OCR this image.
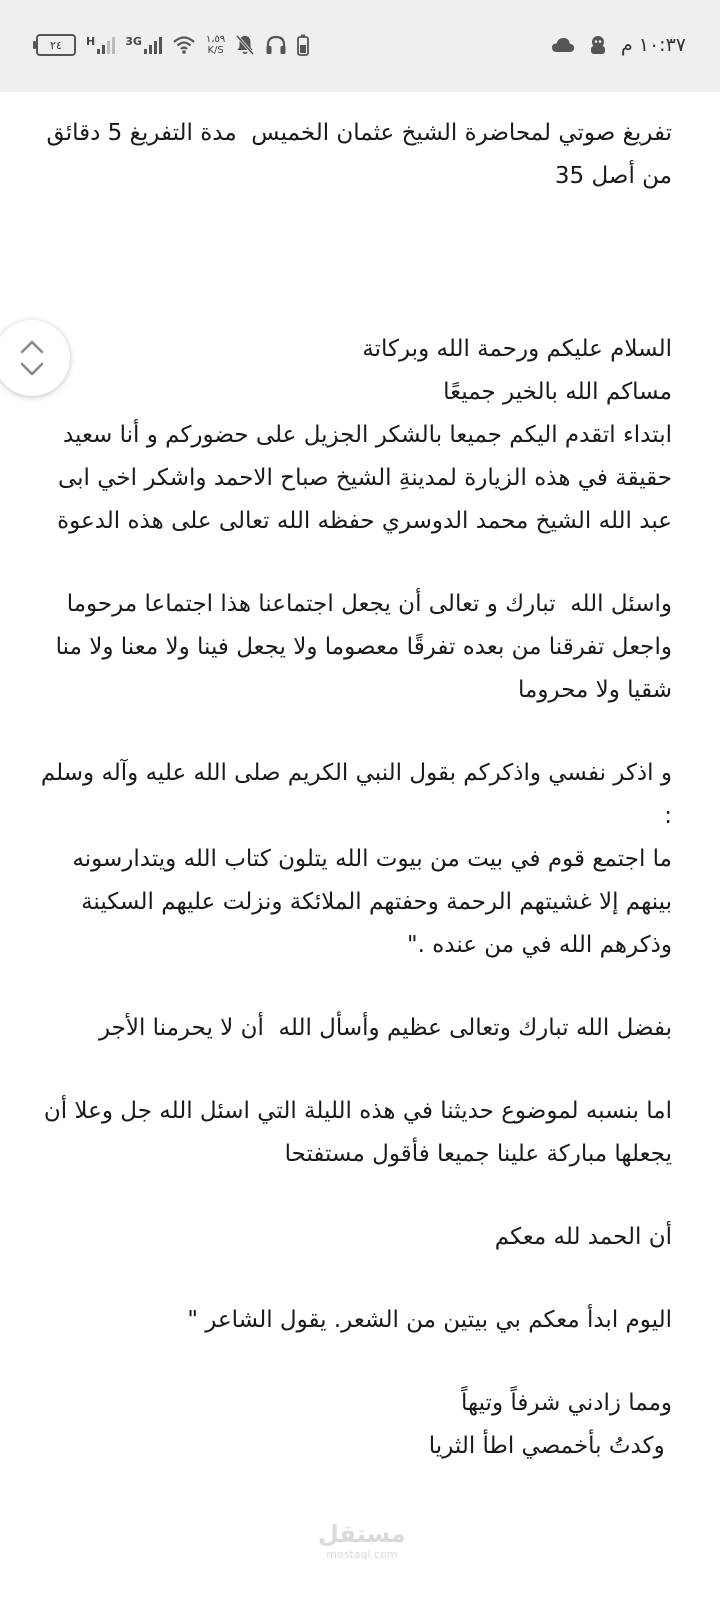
٢٤ H	3G	١،٥٩
K/S	١٠:٣٧ م

تفريغ صوتي لمحاضرة الشيخ عثمان الخميس  مدة التفريغ 5 دقائق من أصل 35

السلام عليكم ورحمة الله وبركاتة
مساكم الله بالخير جميعًا
ابتداء اتقدم اليكم جميعا بالشكر الجزيل على حضوركم و أنا سعيد حقيقة في هذه الزيارة لمدينةِ الشيخ صباح الاحمد واشكر اخي ابى عبد الله الشيخ محمد الدوسري حفظه الله تعالى على هذه الدعوة

واسئل الله  تبارك و تعالى أن يجعل اجتماعنا هذا اجتماعا مرحوما واجعل تفرقنا من بعده تفرقًا معصوما ولا يجعل فينا ولا معنا ولا منا شقيا ولا محروما

و اذكر نفسي واذكركم بقول النبي الكريم صلى الله عليه وآله وسلم :
ما اجتمع قوم في بيت من بيوت الله يتلون كتاب الله ويتدارسونه بينهم إلا غشيتهم الرحمة وحفتهم الملائكة ونزلت عليهم السكينة وذكرهم الله في من عنده ."

بفضل الله تبارك وتعالى عظيم وأسأل الله  أن لا يحرمنا الأجر

اما بنسبه لموضوع حديثنا في هذه الليلة التي اسئل الله جل وعلا أن يجعلها مباركة علينا جميعا فأقول مستفتحا

أن الحمد لله معكم

اليوم ابدأ معكم بي بيتين من الشعر. يقول الشاعر "

ومما زادني شرفاً وتيهاً
وكدتُ بأخمصي اطأ الثريا

مستقل
mostaql.com
